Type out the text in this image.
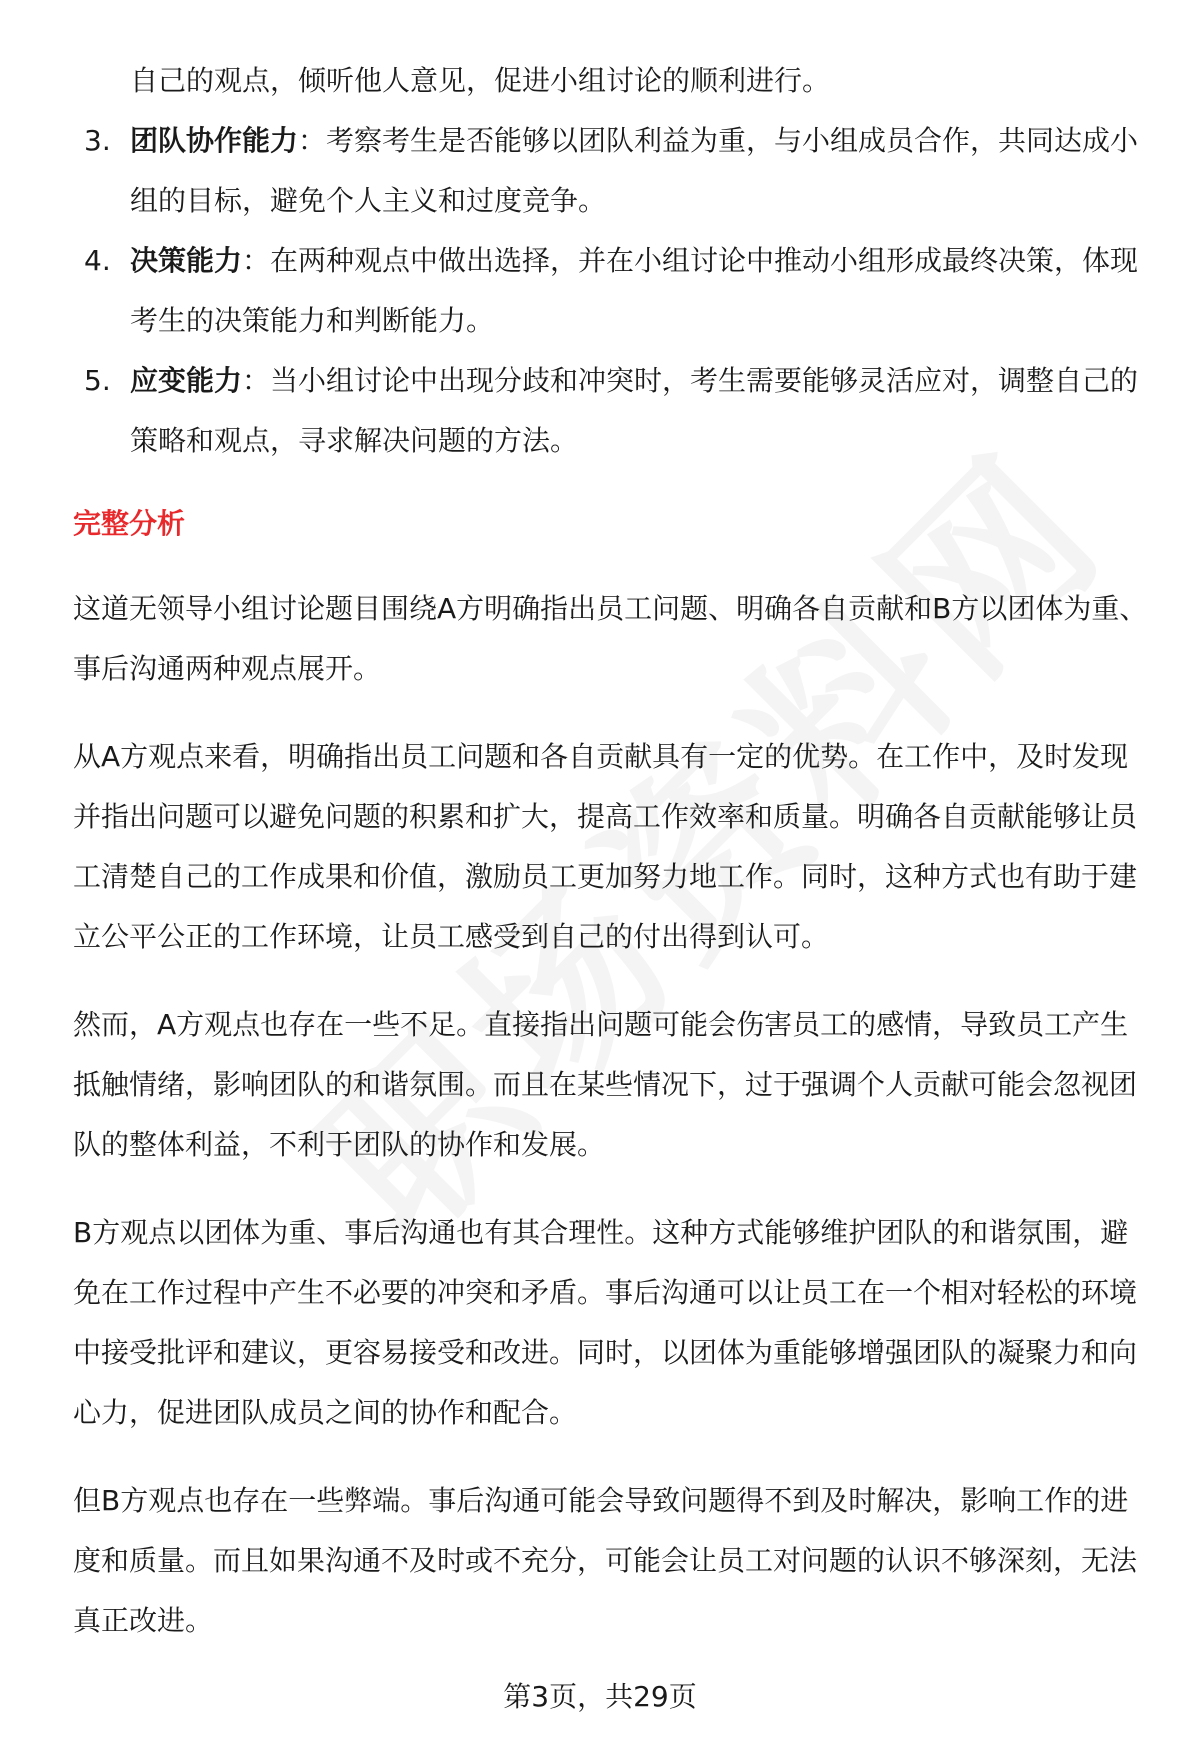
自己的观点，倾听他人意见，促进小组讨论的顺利进行。

3. 团队协作能力：考察考生是否能够以团队利益为重，与小组成员合作，共同达成小组的目标，避免个人主义和过度竞争。
4. 决策能力：在两种观点中做出选择，并在小组讨论中推动小组形成最终决策，体现考生的决策能力和判断能力。
5. 应变能力：当小组讨论中出现分歧和冲突时，考生需要能够灵活应对，调整自己的策略和观点，寻求解决问题的方法。
完整分析

这道无领导小组讨论题目围绕A方明确指出员工问题、明确各自贡献和B方以团体为重、事后沟通两种观点展开。

从A方观点来看，明确指出员工问题和各自贡献具有一定的优势。在工作中，及时发现并指出问题可以避免问题的积累和扩大，提高工作效率和质量。明确各自贡献能够让员工清楚自己的工作成果和价值，激励员工更加努力地工作。同时，这种方式也有助于建立公平公正的工作环境，让员工感受到自己的付出得到认可。

然而，A方观点也存在一些不足。直接指出问题可能会伤害员工的感情，导致员工产生抵触情绪，影响团队的和谐氛围。而且在某些情况下，过于强调个人贡献可能会忽视团队的整体利益，不利于团队的协作和发展。

B方观点以团体为重、事后沟通也有其合理性。这种方式能够维护团队的和谐氛围，避免在工作过程中产生不必要的冲突和矛盾。事后沟通可以让员工在一个相对轻松的环境中接受批评和建议，更容易接受和改进。同时，以团体为重能够增强团队的凝聚力和向心力，促进团队成员之间的协作和配合。

但B方观点也存在一些弊端。事后沟通可能会导致问题得不到及时解决，影响工作的进度和质量。而且如果沟通不及时或不充分，可能会让员工对问题的认识不够深刻，无法真正改进。

第3页，共29页
